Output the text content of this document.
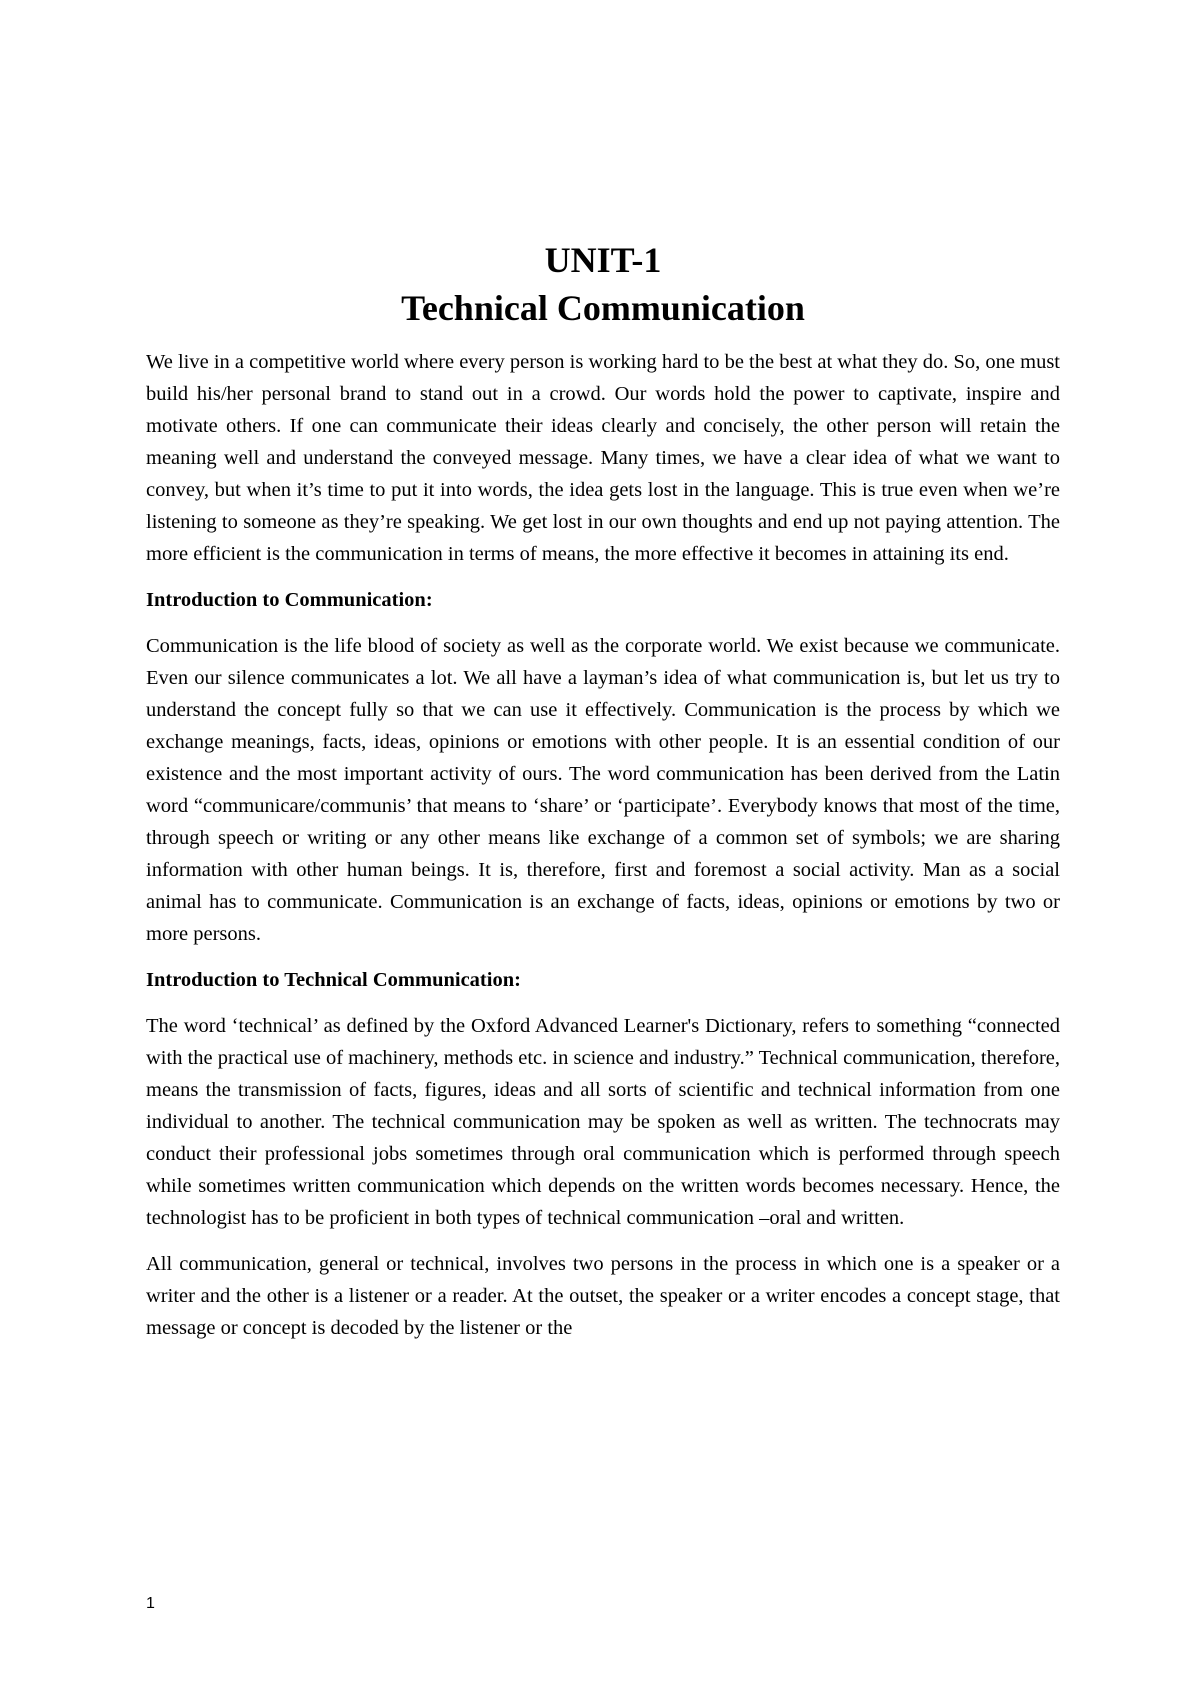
UNIT-1
Technical Communication

We live in a competitive world where every person is working hard to be the best at what they do. So, one must build his/her personal brand to stand out in a crowd. Our words hold the power to captivate, inspire and motivate others. If one can communicate their ideas clearly and concisely, the other person will retain the meaning well and understand the conveyed message. Many times, we have a clear idea of what we want to convey, but when it’s time to put it into words, the idea gets lost in the language. This is true even when we’re listening to someone as they’re speaking. We get lost in our own thoughts and end up not paying attention. The more efficient is the communication in terms of means, the more effective it becomes in attaining its end.

Introduction to Communication:

Communication is the life blood of society as well as the corporate world. We exist because we communicate. Even our silence communicates a lot. We all have a layman’s idea of what communication is, but let us try to understand the concept fully so that we can use it effectively. Communication is the process by which we exchange meanings, facts, ideas, opinions or emotions with other people. It is an essential condition of our existence and the most important activity of ours. The word communication has been derived from the Latin word “communicare/communis’ that means to ‘share’ or ‘participate’. Everybody knows that most of the time, through speech or writing or any other means like exchange of a common set of symbols; we are sharing information with other human beings. It is, therefore, first and foremost a social activity. Man as a social animal has to communicate. Communication is an exchange of facts, ideas, opinions or emotions by two or more persons.

Introduction to Technical Communication:

The word ‘technical’ as defined by the Oxford Advanced Learner's Dictionary, refers to something “connected with the practical use of machinery, methods etc. in science and industry.” Technical communication, therefore, means the transmission of facts, figures, ideas and all sorts of scientific and technical information from one individual to another. The technical communication may be spoken as well as written. The technocrats may conduct their professional jobs sometimes through oral communication which is performed through speech while sometimes written communication which depends on the written words becomes necessary. Hence, the technologist has to be proficient in both types of technical communication –oral and written.

All communication, general or technical, involves two persons in the process in which one is a speaker or a writer and the other is a listener or a reader. At the outset, the speaker or a writer encodes a concept stage, that message or concept is decoded by the listener or the

1
